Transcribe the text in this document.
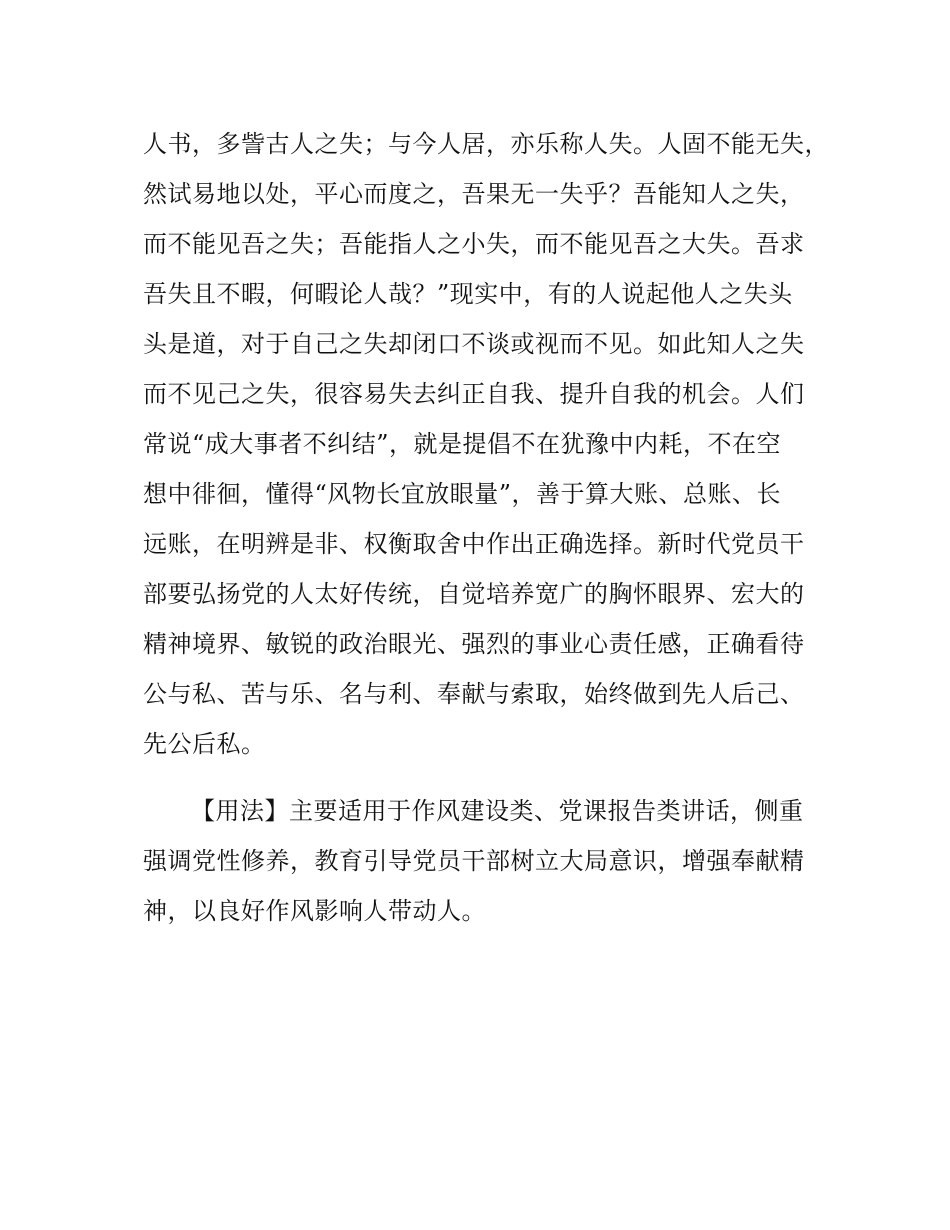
人书，多訾古人之失；与今人居，亦乐称人失。人固不能无失，
然试易地以处，平心而度之，吾果无一失乎？吾能知人之失，
而不能见吾之失；吾能指人之小失，而不能见吾之大失。吾求
吾失且不暇，何暇论人哉？”现实中，有的人说起他人之失头
头是道，对于自己之失却闭口不谈或视而不见。如此知人之失
而不见己之失，很容易失去纠正自我、提升自我的机会。人们
常说“成大事者不纠结”，就是提倡不在犹豫中内耗，不在空
想中徘徊，懂得“风物长宜放眼量”，善于算大账、总账、长
远账，在明辨是非、权衡取舍中作出正确选择。新时代党员干
部要弘扬党的人太好传统，自觉培养宽广的胸怀眼界、宏大的
精神境界、敏锐的政治眼光、强烈的事业心责任感，正确看待
公与私、苦与乐、名与利、奉献与索取，始终做到先人后己、
先公后私。
【用法】主要适用于作风建设类、党课报告类讲话，侧重
强调党性修养，教育引导党员干部树立大局意识，增强奉献精
神，以良好作风影响人带动人。
